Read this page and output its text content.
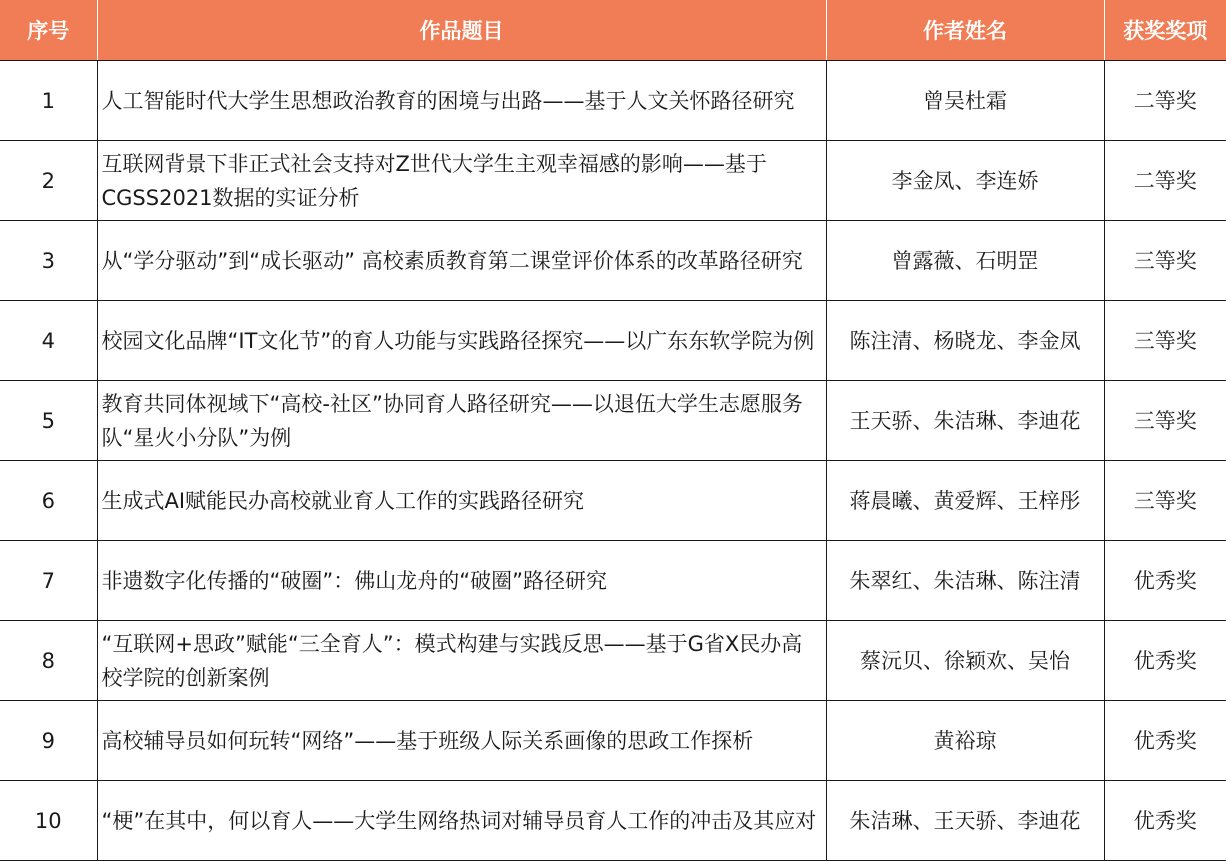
序号	作品题目	作者姓名	获奖奖项
1	人工智能时代大学生思想政治教育的困境与出路——基于人文关怀路径研究	曾吴杜霜	二等奖
2	互联网背景下非正式社会支持对Z世代大学生主观幸福感的影响——基于CGSS2021数据的实证分析	李金凤、李连娇	二等奖
3	从“学分驱动”到“成长驱动” 高校素质教育第二课堂评价体系的改革路径研究	曾露薇、石明罡	三等奖
4	校园文化品牌“IT文化节”的育人功能与实践路径探究——以广东东软学院为例	陈注清、杨晓龙、李金凤	三等奖
5	教育共同体视域下“高校-社区”协同育人路径研究——以退伍大学生志愿服务队“星火小分队”为例	王天骄、朱洁琳、李迪花	三等奖
6	生成式AI赋能民办高校就业育人工作的实践路径研究	蒋晨曦、黄爱辉、王梓彤	三等奖
7	非遗数字化传播的“破圈”：佛山龙舟的“破圈”路径研究	朱翠红、朱洁琳、陈注清	优秀奖
8	“互联网+思政”赋能“三全育人”：模式构建与实践反思——基于G省X民办高校学院的创新案例	蔡沅贝、徐颖欢、吴怡	优秀奖
9	高校辅导员如何玩转“网络”——基于班级人际关系画像的思政工作探析	黄裕琼	优秀奖
10	“梗”在其中，何以育人——大学生网络热词对辅导员育人工作的冲击及其应对	朱洁琳、王天骄、李迪花	优秀奖
